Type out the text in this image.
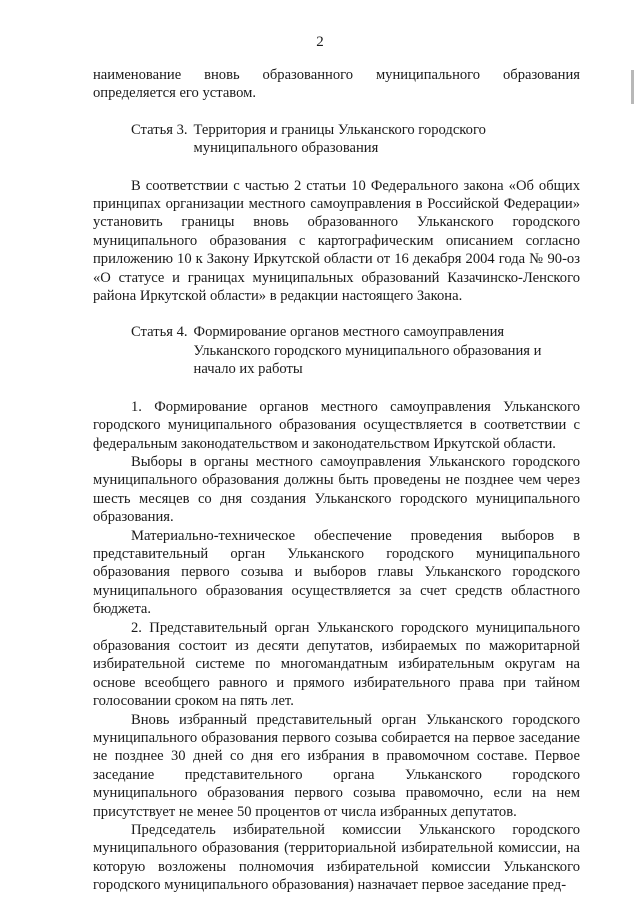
2

наименование вновь образованного муниципального образования определяется его уставом.

Статья 3. Территория и границы Ульканского городского муниципального образования

В соответствии с частью 2 статьи 10 Федерального закона «Об общих принципах организации местного самоуправления в Российской Федерации» установить границы вновь образованного Ульканского городского муниципального образования с картографическим описанием согласно приложению 10 к Закону Иркутской области от 16 декабря 2004 года № 90-оз «О статусе и границах муниципальных образований Казачинско-Ленского района Иркутской области» в редакции настоящего Закона.

Статья 4. Формирование органов местного самоуправления Ульканского городского муниципального образования и начало их работы

1. Формирование органов местного самоуправления Ульканского городского муниципального образования осуществляется в соответствии с федеральным законодательством и законодательством Иркутской области.

Выборы в органы местного самоуправления Ульканского городского муниципального образования должны быть проведены не позднее чем через шесть месяцев со дня создания Ульканского городского муниципального образования.

Материально-техническое обеспечение проведения выборов в представительный орган Ульканского городского муниципального образования первого созыва и выборов главы Ульканского городского муниципального образования осуществляется за счет средств областного бюджета.

2. Представительный орган Ульканского городского муниципального образования состоит из десяти депутатов, избираемых по мажоритарной избирательной системе по многомандатным избирательным округам на основе всеобщего равного и прямого избирательного права при тайном голосовании сроком на пять лет.

Вновь избранный представительный орган Ульканского городского муниципального образования первого созыва собирается на первое заседание не позднее 30 дней со дня его избрания в правомочном составе. Первое заседание представительного органа Ульканского городского муниципального образования первого созыва правомочно, если на нем присутствует не менее 50 процентов от числа избранных депутатов.

Председатель избирательной комиссии Ульканского городского муниципального образования (территориальной избирательной комиссии, на которую возложены полномочия избирательной комиссии Ульканского городского муниципального образования) назначает первое заседание пред-
